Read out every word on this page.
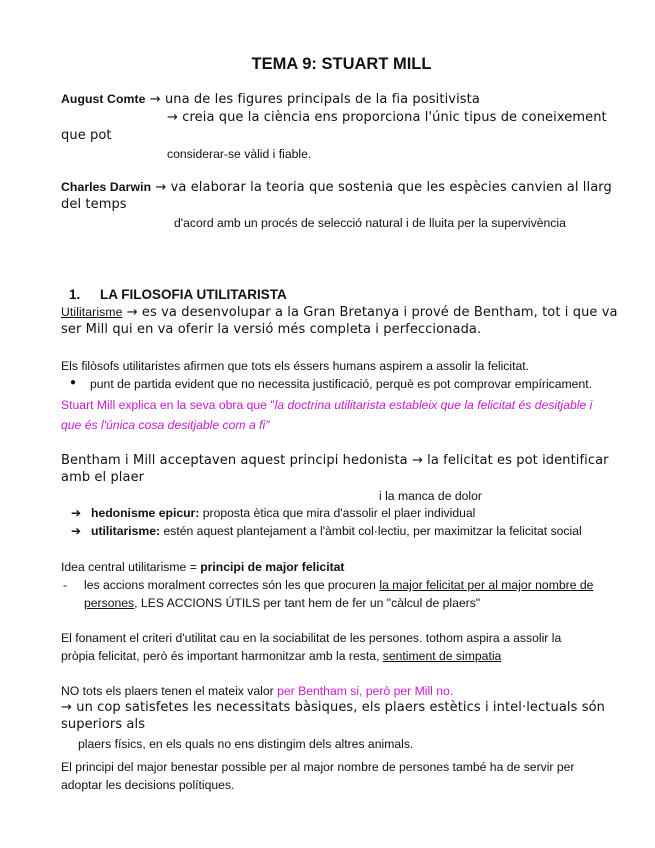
TEMA 9: STUART MILL
August Comte → una de les figures principals de la fia positivista
→ creia que la ciència ens proporciona l'únic tipus de coneixement
que pot
considerar-se vàlid i fiable.
Charles Darwin → va elaborar la teoria que sostenia que les espècies canvien al llarg
del temps
d'acord amb un procés de selecció natural i de lluita per la supervivència
1. LA FILOSOFIA UTILITARISTA
Utilitarisme → es va desenvolupar a la Gran Bretanya i prové de Bentham, tot i que va
ser Mill qui en va oferir la versió més completa i perfeccionada.
Els filòsofs utilitaristes afirmen que tots els éssers humans aspirem a assolir la felicitat.
● punt de partida evident que no necessita justificació, perquè es pot comprovar empíricament.
Stuart Mill explica en la seva obra que "la doctrina utilitarista estableix que la felicitat és desitjable i
que és l'única cosa desitjable com a fi"
Bentham i Mill acceptaven aquest principi hedonista → la felicitat es pot identificar
amb el plaer
i la manca de dolor
➔ hedonisme epicur: proposta ètica que mira d'assolir el plaer individual
➔ utilitarisme: estén aquest plantejament a l'àmbit col·lectiu, per maximitzar la felicitat social
Idea central utilitarisme = principi de major felicitat
- les accions moralment correctes són les que procuren la major felicitat per al major nombre de
persones, LES ACCIONS ÚTILS per tant hem de fer un "càlcul de plaers"
El fonament el criteri d'utilitat cau en la sociabilitat de les persones. tothom aspira a assolir la
pròpia felicitat, però és important harmonitzar amb la resta, sentiment de simpatia
NO tots els plaers tenen el mateix valor per Bentham si, però per Mill no.
→ un cop satisfetes les necessitats bàsiques, els plaers estètics i intel·lectuals són
superiors als
plaers físics, en els quals no ens distingim dels altres animals.
El principi del major benestar possible per al major nombre de persones també ha de servir per
adoptar les decisions polítiques.
